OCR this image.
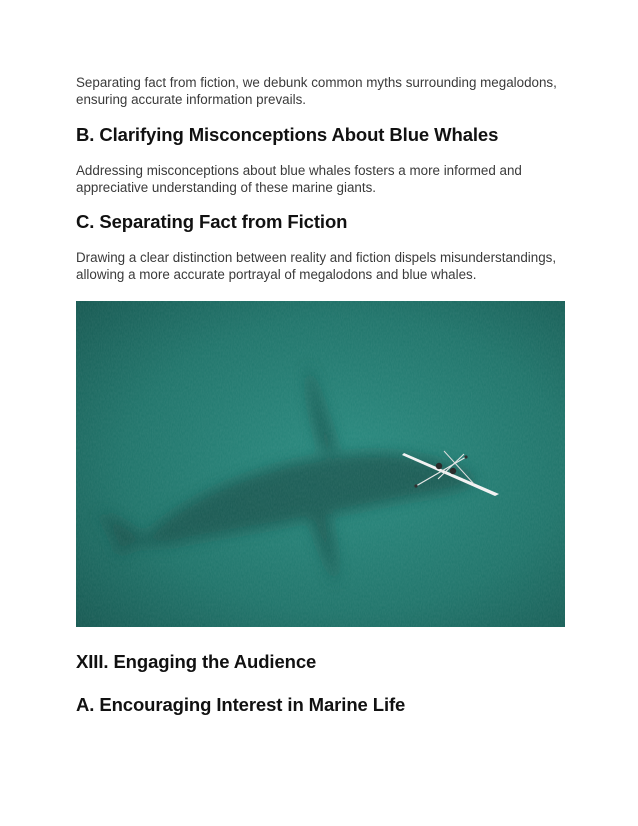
Separating fact from fiction, we debunk common myths surrounding megalodons,
ensuring accurate information prevails.

B. Clarifying Misconceptions About Blue Whales

Addressing misconceptions about blue whales fosters a more informed and
appreciative understanding of these marine giants.

C. Separating Fact from Fiction

Drawing a clear distinction between reality and fiction dispels misunderstandings,
allowing a more accurate portrayal of megalodons and blue whales.

XIII. Engaging the Audience
A. Encouraging Interest in Marine Life
